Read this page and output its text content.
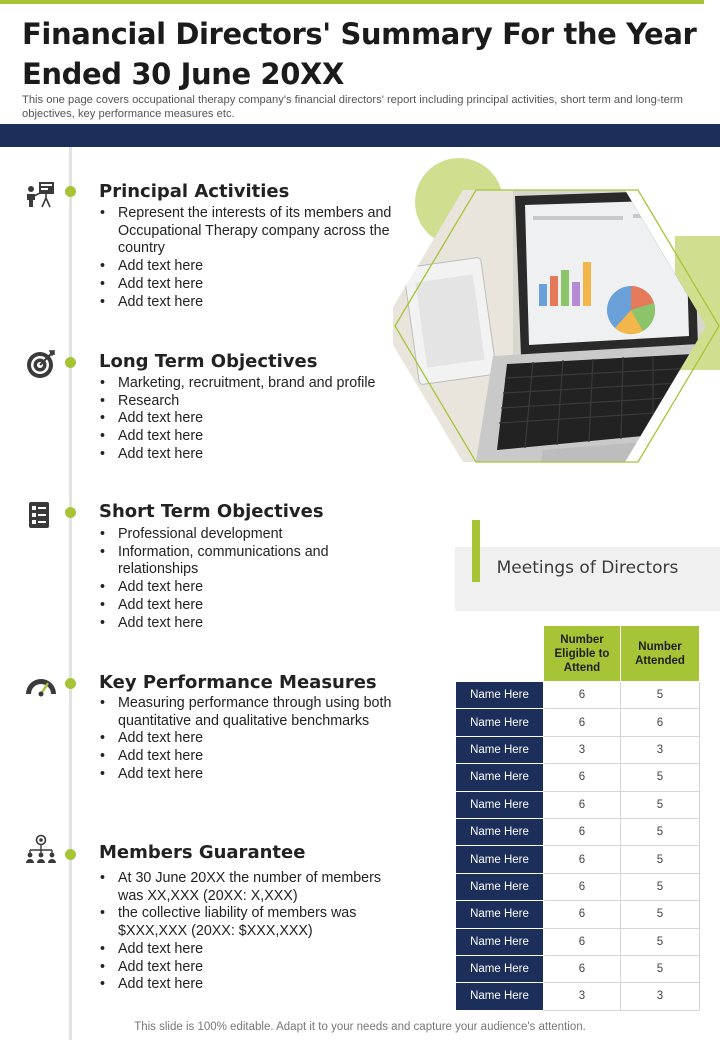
Financial Directors' Summary For the Year Ended 30 June 20XX

This one page covers occupational therapy company's financial directors' report including principal activities, short term and long-term objectives, key performance measures etc.

Principal Activities
• Represent the interests of its members and Occupational Therapy company across the country
• Add text here
• Add text here
• Add text here
Long Term Objectives
• Marketing, recruitment, brand and profile
• Research
• Add text here
• Add text here
• Add text here
Short Term Objectives
• Professional development
• Information, communications and relationships
• Add text here
• Add text here
• Add text here
Key Performance Measures
• Measuring performance through using both quantitative and qualitative benchmarks
• Add text here
• Add text here
• Add text here
Members Guarantee
• At 30 June 20XX the number of members was XX,XXX (20XX: X,XXX)
• the collective liability of members was $XXX,XXX (20XX: $XXX,XXX)
• Add text here
• Add text here
• Add text here
Meetings of Directors
	Number Eligible to Attend	Number Attended
Name Here	6	5
Name Here	6	6
Name Here	3	3
Name Here	6	5
Name Here	6	5
Name Here	6	5
Name Here	6	5
Name Here	6	5
Name Here	6	5
Name Here	6	5
Name Here	6	5
Name Here	3	3
This slide is 100% editable. Adapt it to your needs and capture your audience's attention.
